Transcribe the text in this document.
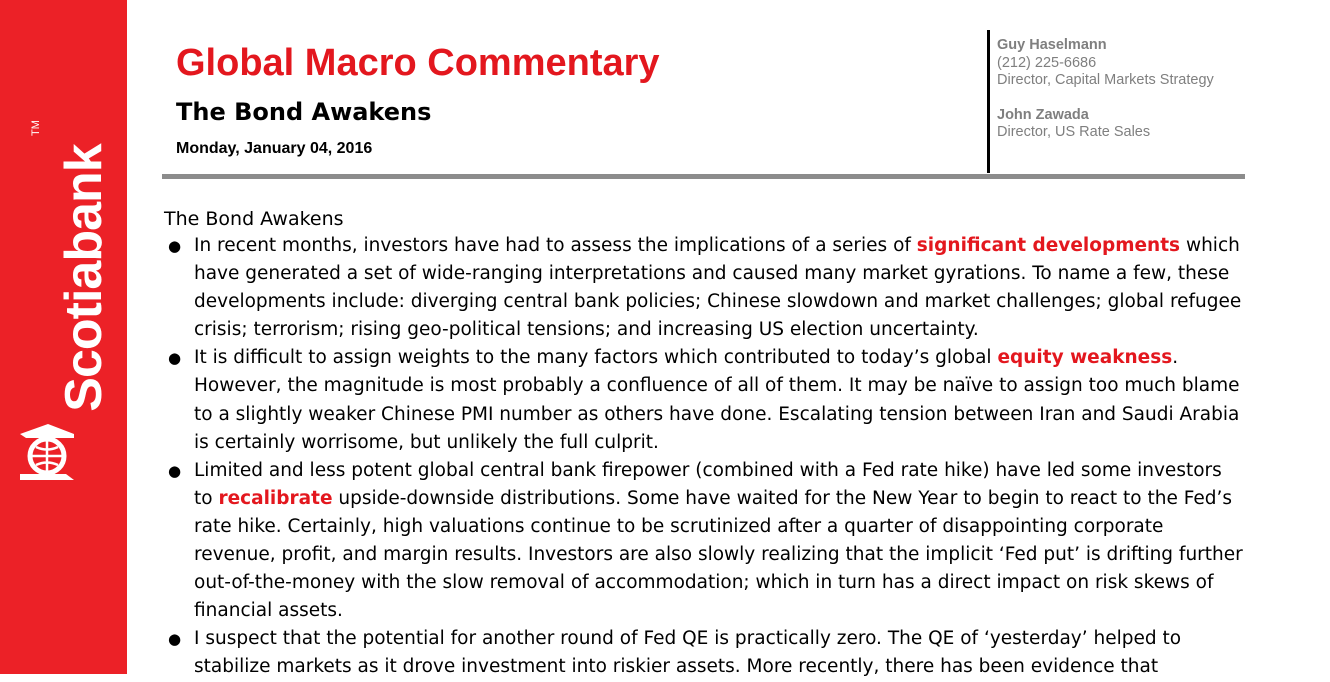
Scotiabank
TM
Global Macro Commentary
The Bond Awakens
Monday, January 04, 2016
Guy Haselmann
(212) 225-6686
Director, Capital Markets Strategy
John Zawada
Director, US Rate Sales
The Bond Awakens
● In recent months, investors have had to assess the implications of a series of significant developments which have generated a set of wide-ranging interpretations and caused many market gyrations. To name a few, these developments include: diverging central bank policies; Chinese slowdown and market challenges; global refugee crisis; terrorism; rising geo-political tensions; and increasing US election uncertainty.
● It is difficult to assign weights to the many factors which contributed to today’s global equity weakness. However, the magnitude is most probably a confluence of all of them. It may be naïve to assign too much blame to a slightly weaker Chinese PMI number as others have done. Escalating tension between Iran and Saudi Arabia is certainly worrisome, but unlikely the full culprit.
● Limited and less potent global central bank firepower (combined with a Fed rate hike) have led some investors to recalibrate upside-downside distributions. Some have waited for the New Year to begin to react to the Fed’s rate hike. Certainly, high valuations continue to be scrutinized after a quarter of disappointing corporate revenue, profit, and margin results. Investors are also slowly realizing that the implicit ‘Fed put’ is drifting further out-of-the-money with the slow removal of accommodation; which in turn has a direct impact on risk skews of financial assets.
● I suspect that the potential for another round of Fed QE is practically zero. The QE of ‘yesterday’ helped to stabilize markets as it drove investment into riskier assets. More recently, there has been evidence that
